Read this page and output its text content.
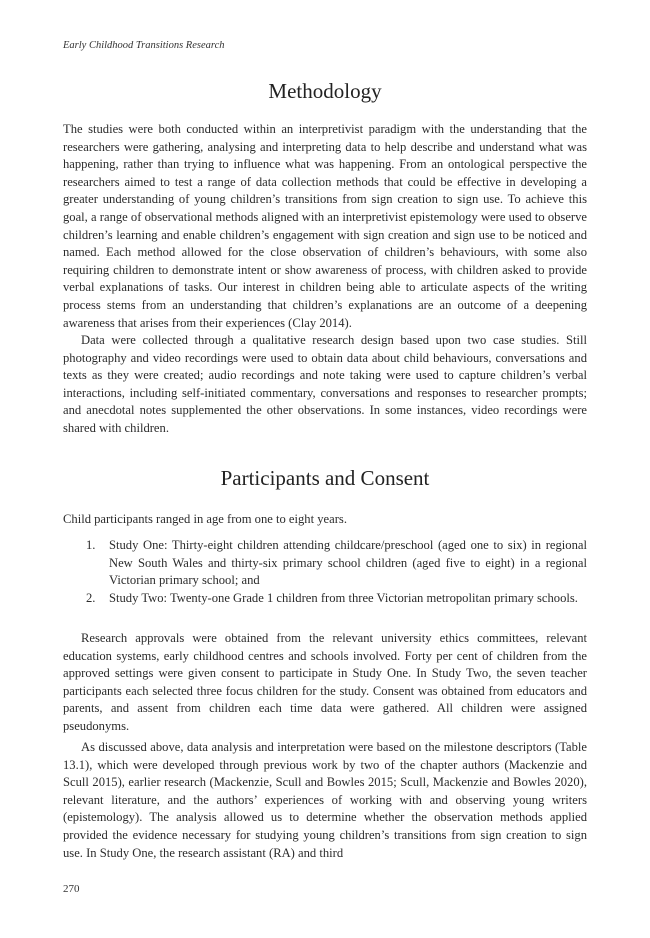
Early Childhood Transitions Research
Methodology

The studies were both conducted within an interpretivist paradigm with the understanding that the researchers were gathering, analysing and interpreting data to help describe and understand what was happening, rather than trying to influence what was happening. From an ontological perspective the researchers aimed to test a range of data collection methods that could be effective in developing a greater understanding of young children’s transitions from sign creation to sign use. To achieve this goal, a range of observational methods aligned with an interpretivist epistemology were used to observe children’s learning and enable children’s engagement with sign creation and sign use to be noticed and named. Each method allowed for the close observation of children’s behaviours, with some also requiring children to demonstrate intent or show awareness of process, with children asked to provide verbal explanations of tasks. Our interest in children being able to articulate aspects of the writing process stems from an understanding that children’s explanations are an outcome of a deepening awareness that arises from their experiences (Clay 2014).

Data were collected through a qualitative research design based upon two case studies. Still photography and video recordings were used to obtain data about child behaviours, conversations and texts as they were created; audio recordings and note taking were used to capture children’s verbal interactions, including self-initiated commentary, conversations and responses to researcher prompts; and anecdotal notes supplemented the other observations. In some instances, video recordings were shared with children.

Participants and Consent

Child participants ranged in age from one to eight years.

1. Study One: Thirty-eight children attending childcare/preschool (aged one to six) in regional New South Wales and thirty-six primary school children (aged five to eight) in a regional Victorian primary school; and
2. Study Two: Twenty-one Grade 1 children from three Victorian metropolitan primary schools.

Research approvals were obtained from the relevant university ethics committees, relevant education systems, early childhood centres and schools involved. Forty per cent of children from the approved settings were given consent to participate in Study One. In Study Two, the seven teacher participants each selected three focus children for the study. Consent was obtained from educators and parents, and assent from children each time data were gathered. All children were assigned pseudonyms.

As discussed above, data analysis and interpretation were based on the milestone descriptors (Table 13.1), which were developed through previous work by two of the chapter authors (Mackenzie and Scull 2015), earlier research (Mackenzie, Scull and Bowles 2015; Scull, Mackenzie and Bowles 2020), relevant literature, and the authors’ experiences of working with and observing young writers (epistemology). The analysis allowed us to determine whether the observation methods applied provided the evidence necessary for studying young children’s transitions from sign creation to sign use. In Study One, the research assistant (RA) and third

270
